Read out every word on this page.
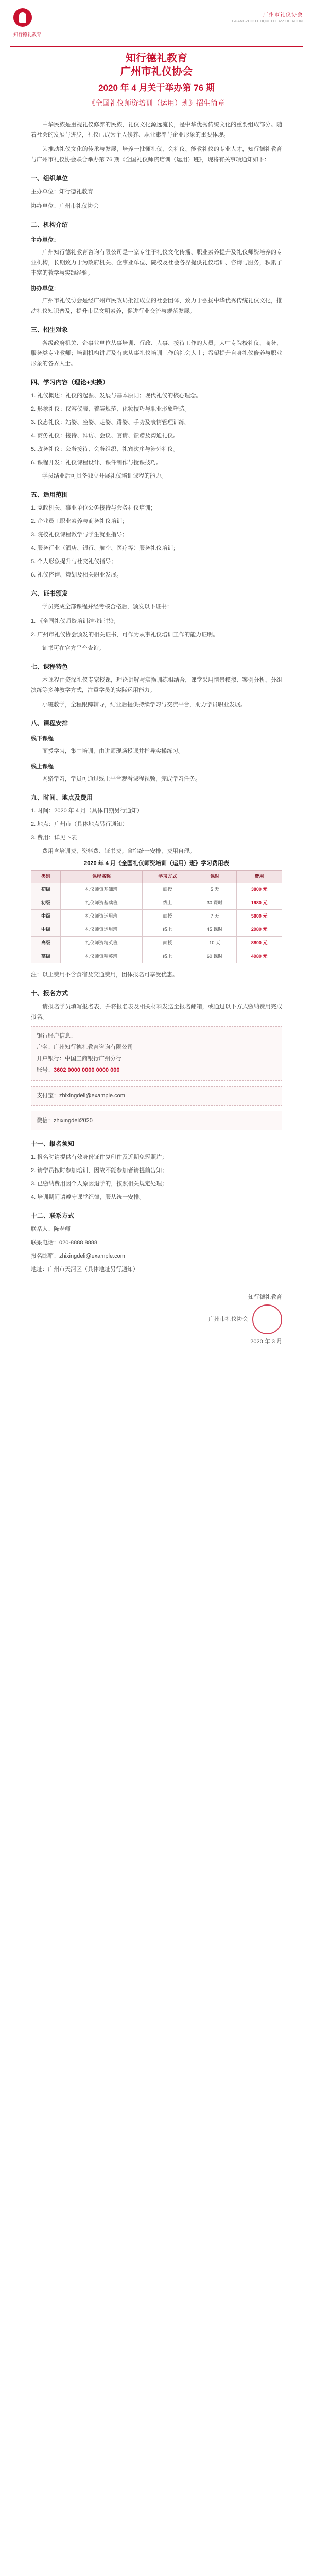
知行德礼教育
广州市礼仪协会
GUANGZHOU ETIQUETTE ASSOCIATION
知行德礼教育
广州市礼仪协会
2020 年 4 月关于举办第 76 期
《全国礼仪师资培训（运用）班》招生简章

中华民族是重视礼仪修养的民族，礼仪文化源远流长，是中华优秀传统文化的重要组成部分。随着社会的发展与进步，礼仪已成为个人修养、职业素养与企业形象的重要体现。

为推动礼仪文化的传承与发展，培养一批懂礼仪、会礼仪、能教礼仪的专业人才，知行德礼教育与广州市礼仪协会联合举办第 76 期《全国礼仪师资培训（运用）班》，现将有关事项通知如下：

一、组织单位

主办单位：知行德礼教育

协办单位：广州市礼仪协会

二、机构介绍
主办单位：

广州知行德礼教育咨询有限公司是一家专注于礼仪文化传播、职业素养提升及礼仪师资培养的专业机构，长期致力于为政府机关、企事业单位、院校及社会各界提供礼仪培训、咨询与服务，积累了丰富的教学与实践经验。

协办单位：

广州市礼仪协会是经广州市民政局批准成立的社会团体，致力于弘扬中华优秀传统礼仪文化，推动礼仪知识普及，提升市民文明素养，促进行业交流与规范发展。

三、招生对象

各级政府机关、企事业单位从事培训、行政、人事、接待工作的人员；大中专院校礼仪、商务、服务类专业教师；培训机构讲师及有志从事礼仪培训工作的社会人士；希望提升自身礼仪修养与职业形象的各界人士。

四、学习内容（理论+实操）

1. 礼仪概述：礼仪的起源、发展与基本原则；现代礼仪的核心理念。

2. 形象礼仪：仪容仪表、着装规范、化妆技巧与职业形象塑造。

3. 仪态礼仪：站姿、坐姿、走姿、蹲姿、手势及表情管理训练。

4. 商务礼仪：接待、拜访、会议、宴请、馈赠及沟通礼仪。

5. 政务礼仪：公务接待、会务组织、礼宾次序与涉外礼仪。

6. 课程开发：礼仪课程设计、课件制作与授课技巧。

学员结业后可具备独立开展礼仪培训课程的能力。

五、适用范围

1. 党政机关、事业单位公务接待与会务礼仪培训；

2. 企业员工职业素养与商务礼仪培训；

3. 院校礼仪课程教学与学生就业指导；

4. 服务行业（酒店、银行、航空、医疗等）服务礼仪培训；

5. 个人形象提升与社交礼仪指导；

6. 礼仪咨询、策划及相关职业发展。

六、证书颁发

学员完成全部课程并经考核合格后，颁发以下证书：

1. 《全国礼仪师资培训结业证书》；

2. 广州市礼仪协会颁发的相关证书，可作为从事礼仪培训工作的能力证明。

证书可在官方平台查询。

七、课程特色

本课程由资深礼仪专家授课，理论讲解与实操训练相结合，课堂采用情景模拟、案例分析、分组演练等多种教学方式，注重学员的实际运用能力。

小班教学，全程跟踪辅导，结业后提供持续学习与交流平台，助力学员职业发展。

八、课程安排
线下课程

面授学习，集中培训，由讲师现场授课并指导实操练习。

线上课程

网络学习，学员可通过线上平台观看课程视频，完成学习任务。

九、时间、地点及费用

1. 时间：2020 年 4 月（具体日期另行通知）

2. 地点：广州市（具体地点另行通知）

3. 费用：详见下表

费用含培训费、资料费、证书费；食宿统一安排，费用自理。

2020 年 4 月《全国礼仪师资培训（运用）班》学习费用表
类别	课程名称	学习方式	课时	费用
初级	礼仪师资基础班	面授	5 天	3800 元
初级	礼仪师资基础班	线上	30 课时	1980 元
中级	礼仪师资运用班	面授	7 天	5800 元
中级	礼仪师资运用班	线上	45 课时	2980 元
高级	礼仪师资精英班	面授	10 天	8800 元
高级	礼仪师资精英班	线上	60 课时	4980 元

注：以上费用不含食宿及交通费用，团体报名可享受优惠。

十、报名方式

请报名学员填写报名表，并将报名表及相关材料发送至报名邮箱，或通过以下方式缴纳费用完成报名。

银行账户信息：
户名：广州知行德礼教育咨询有限公司
开户银行：中国工商银行广州分行
账号：3602 0000 0000 0000 000
支付宝：zhixingdeli@example.com
微信：zhixingdeli2020
十一、报名须知

1. 报名时请提供有效身份证件复印件及近期免冠照片；

2. 请学员按时参加培训，因故不能参加者请提前告知；

3. 已缴纳费用因个人原因退学的，按照相关规定处理；

4. 培训期间请遵守课堂纪律，服从统一安排。

十二、联系方式

联系人：陈老师

联系电话：020-8888 8888

报名邮箱：zhixingdeli@example.com

地址：广州市天河区（具体地址另行通知）

知行德礼教育
广州市礼仪协会
2020 年 3 月
